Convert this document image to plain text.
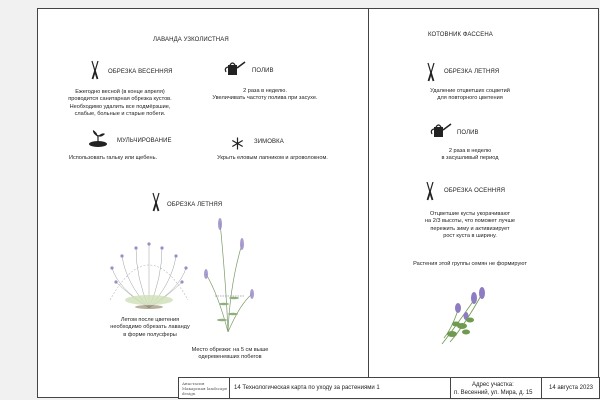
ЛАВАНДА УЗКОЛИСТНАЯ
ОБРЕЗКА ВЕСЕННЯЯ
Ежегодно весной (в конце апреля)
проводится санитарная обрезка кустов.
Необходимо удалить все подмёрзшие,
слабые, больные и старые побеги.
ПОЛИВ
2 раза в неделю.
Увеличивать частоту полива при засухе.
МУЛЬЧИРОВАНИЕ
Использовать гальку или щебень.
ЗИМОВКА
Укрыть еловым лапником и агроволокном.
ОБРЕЗКА ЛЕТНЯЯ
Летом после цветения
необходимо обрезать лаванду
в форме полусферы
Место обрезки: на 5 см выше
одеревеневших побегов
КОТОВНИК ФАССЕНА
ОБРЕЗКА ЛЕТНЯЯ
Удаление отцветших соцветий
для повторного цветения
ПОЛИВ
2 раза в неделю
в засушливый период
ОБРЕЗКА ОСЕННЯЯ
Отцветшие кусты укорачивают
на 2/3 высоты, что поможет лучше
пережить зиму и активизирует
рост куста в ширину.
Растения этой группы семян не формируют
Анастасия Макарская landscape design
14 Технологическая карта по уходу за растениями 1	Адрес участка:
п. Весенний, ул. Мира, д. 15
14 августа 2023
